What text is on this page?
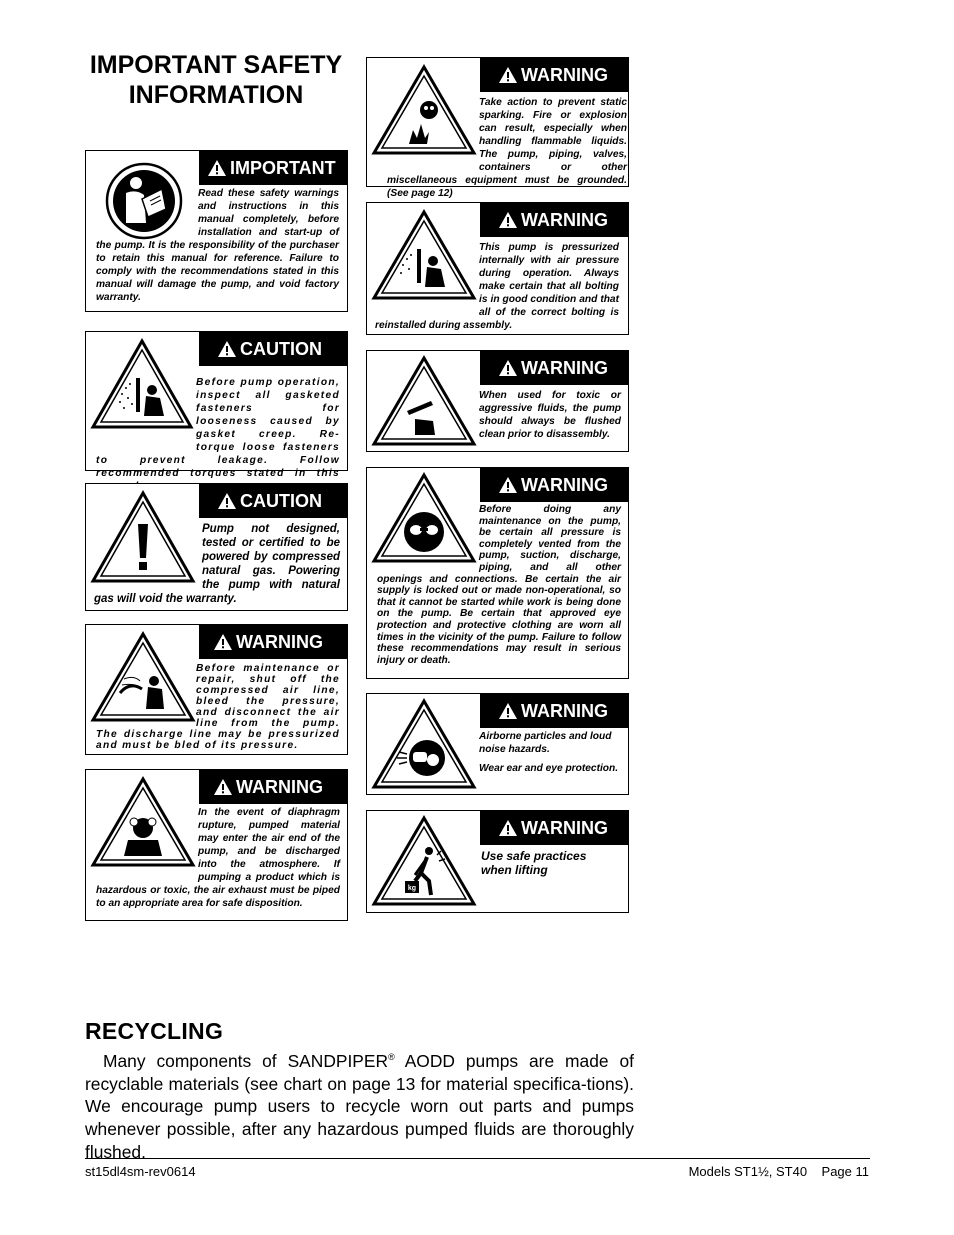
IMPORTANT SAFETY INFORMATION
IMPORTANT
Read these safety warnings and instructions in this manual completely, before installation and start-up of the pump. It is the responsibility of the purchaser to retain this manual for reference. Failure to comply with the recommendations stated in this manual will damage the pump, and void factory warranty.
CAUTION
Before pump operation, inspect all gasketed fasteners for looseness caused by gasket creep. Re-torque loose fasteners to prevent leakage. Follow recommended torques stated in this
CAUTION
Pump not designed, tested or certified to be powered by compressed natural gas. Powering the pump with natural gas will void the warranty.
WARNING
Before maintenance or repair, shut off the compressed air line, bleed the pressure, and disconnect the air line from the pump. The discharge line may be pressurized and must be bled of its pressure.
WARNING
In the event of diaphragm rupture, pumped material may enter the air end of the pump, and be discharged into the atmosphere. If pumping a product which is hazardous or toxic, the air exhaust must be piped to an appropriate area for safe disposition.
WARNING
Take action to prevent static sparking. Fire or explosion can result, especially when handling flammable liquids. The pump, piping, valves, containers or other miscellaneous equipment must be grounded. (See page 12)
WARNING
This pump is pressurized internally with air pressure during operation. Always make certain that all bolting is in good condition and that all of the correct bolting is reinstalled during assembly.
WARNING
When used for toxic or aggressive fluids, the pump should always be flushed clean prior to disassembly.
WARNING
Before doing any maintenance on the pump, be certain all pressure is completely vented from the pump, suction, discharge, piping, and all other openings and connections. Be certain the air supply is locked out or made non-operational, so that it cannot be started while work is being done on the pump. Be certain that approved eye protection and protective clothing are worn all times in the vicinity of the pump. Failure to follow these recommendations may result in serious injury or death.
WARNING

Airborne particles and loud noise hazards.

Wear ear and eye protection.

WARNING
kg
Use safe practices when lifting
RECYCLING
Many components of SANDPIPER® AODD pumps are made of recyclable materials (see chart on page 13 for material specifica-tions). We encourage pump users to recycle worn out parts and pumps whenever possible, after any hazardous pumped fluids are thoroughly flushed.
st15dl4sm-rev0614	Models ST1½, ST40    Page 11
